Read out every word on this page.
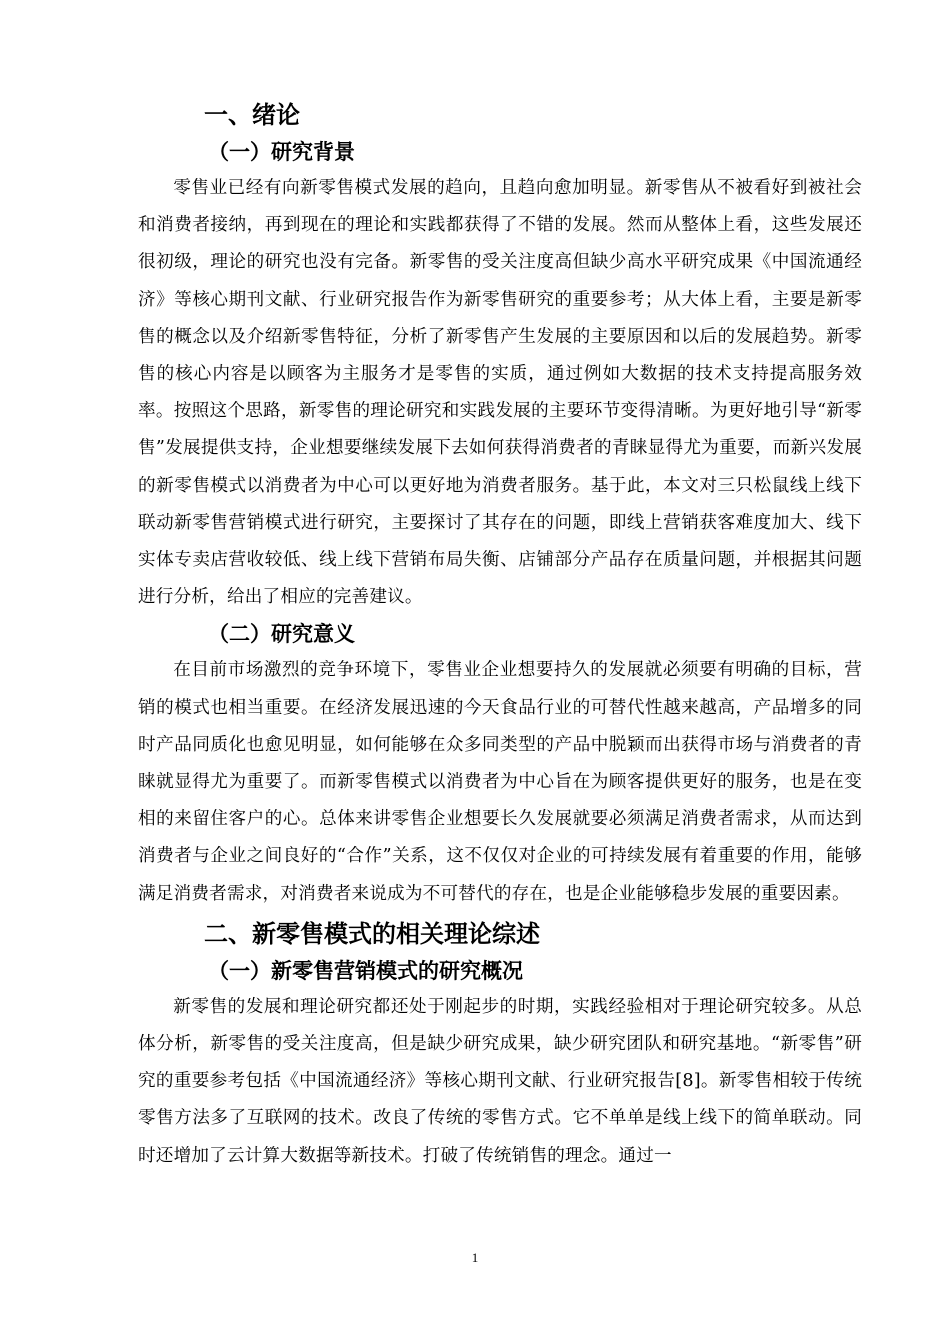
一、绪论
（一）研究背景

零售业已经有向新零售模式发展的趋向，且趋向愈加明显。新零售从不被看好到被社会和消费者接纳，再到现在的理论和实践都获得了不错的发展。然而从整体上看，这些发展还很初级，理论的研究也没有完备。新零售的受关注度高但缺少高水平研究成果《中国流通经济》等核心期刊文献、行业研究报告作为新零售研究的重要参考；从大体上看，主要是新零售的概念以及介绍新零售特征，分析了新零售产生发展的主要原因和以后的发展趋势。新零售的核心内容是以顾客为主服务才是零售的实质，通过例如大数据的技术支持提高服务效率。按照这个思路，新零售的理论研究和实践发展的主要环节变得清晰。为更好地引导“新零售”发展提供支持，企业想要继续发展下去如何获得消费者的青睐显得尤为重要，而新兴发展的新零售模式以消费者为中心可以更好地为消费者服务。基于此，本文对三只松鼠线上线下联动新零售营销模式进行研究，主要探讨了其存在的问题，即线上营销获客难度加大、线下实体专卖店营收较低、线上线下营销布局失衡、店铺部分产品存在质量问题，并根据其问题进行分析，给出了相应的完善建议。

（二）研究意义

在目前市场激烈的竞争环境下，零售业企业想要持久的发展就必须要有明确的目标，营销的模式也相当重要。在经济发展迅速的今天食品行业的可替代性越来越高，产品增多的同时产品同质化也愈见明显，如何能够在众多同类型的产品中脱颖而出获得市场与消费者的青睐就显得尤为重要了。而新零售模式以消费者为中心旨在为顾客提供更好的服务，也是在变相的来留住客户的心。总体来讲零售企业想要长久发展就要必须满足消费者需求，从而达到消费者与企业之间良好的“合作”关系，这不仅仅对企业的可持续发展有着重要的作用，能够满足消费者需求，对消费者来说成为不可替代的存在，也是企业能够稳步发展的重要因素。

二、新零售模式的相关理论综述
（一）新零售营销模式的研究概况

新零售的发展和理论研究都还处于刚起步的时期，实践经验相对于理论研究较多。从总体分析，新零售的受关注度高，但是缺少研究成果，缺少研究团队和研究基地。“新零售”研究的重要参考包括《中国流通经济》等核心期刊文献、行业研究报告[8]。新零售相较于传统零售方法多了互联网的技术。改良了传统的零售方式。它不单单是线上线下的简单联动。同时还增加了云计算大数据等新技术。打破了传统销售的理念。通过一

1
